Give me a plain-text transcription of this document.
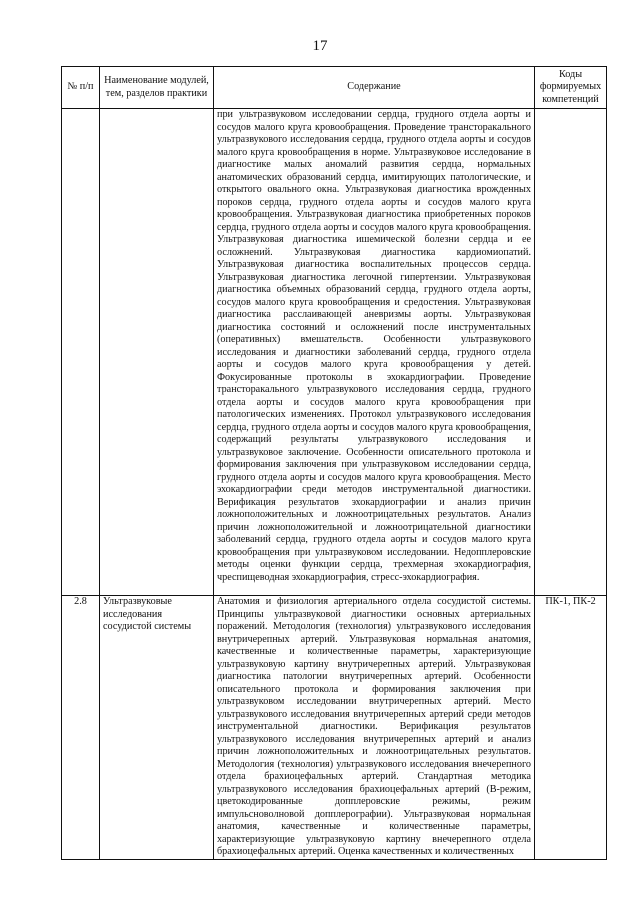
17
№ п/п	Наименование модулей, тем, разделов практики	Содержание	Коды формируемых компетенций
		при ультразвуковом исследовании сердца, грудного отдела аорты и сосудов малого круга кровообращения. Проведение трансторакального ультразвукового исследования сердца, грудного отдела аорты и сосудов малого круга кровообращения в норме. Ультразвуковое исследование в диагностике малых аномалий развития сердца, нормальных анатомических образований сердца, имитирующих патологические, и открытого овального окна. Ультразвуковая диагностика врожденных пороков сердца, грудного отдела аорты и сосудов малого круга кровообращения. Ультразвуковая диагностика приобретенных пороков сердца, грудного отдела аорты и сосудов малого круга кровообращения. Ультразвуковая диагностика ишемической болезни сердца и ее осложнений. Ультразвуковая диагностика кардиомиопатий. Ультразвуковая диагностика воспалительных процессов сердца. Ультразвуковая диагностика легочной гипертензии. Ультразвуковая диагностика объемных образований сердца, грудного отдела аорты, сосудов малого круга кровообращения и средостения. Ультразвуковая диагностика расслаивающей аневризмы аорты. Ультразвуковая диагностика состояний и осложнений после инструментальных (оперативных) вмешательств. Особенности ультразвукового исследования и диагностики заболеваний сердца, грудного отдела аорты и сосудов малого круга кровообращения у детей. Фокусированные протоколы в эхокардиографии. Проведение трансторакального ультразвукового исследования сердца, грудного отдела аорты и сосудов малого круга кровообращения при патологических изменениях. Протокол ультразвукового исследования сердца, грудного отдела аорты и сосудов малого круга кровообращения, содержащий результаты ультразвукового исследования и ультразвуковое заключение. Особенности описательного протокола и формирования заключения при ультразвуковом исследовании сердца, грудного отдела аорты и сосудов малого круга кровообращения. Место эхокардиографии среди методов инструментальной диагностики. Верификация результатов эхокардиографии и анализ причин ложноположительных и ложноотрицательных результатов. Анализ причин ложноположительной и ложноотрицательной диагностики заболеваний сердца, грудного отдела аорты и сосудов малого круга кровообращения при ультразвуковом исследовании. Недопплеровские методы оценки функции сердца, трехмерная эхокардиография, чреспищеводная эхокардиография, стресс-эхокардиография.	
2.8	Ультразвуковые исследования сосудистой системы	Анатомия и физиология артериального отдела сосудистой системы. Принципы ультразвуковой диагностики основных артериальных поражений. Методология (технология) ультразвукового исследования внутричерепных артерий. Ультразвуковая нормальная анатомия, качественные и количественные параметры, характеризующие ультразвуковую картину внутричерепных артерий. Ультразвуковая диагностика патологии внутричерепных артерий. Особенности описательного протокола и формирования заключения при ультразвуковом исследовании внутричерепных артерий. Место ультразвукового исследования внутричерепных артерий среди методов инструментальной диагностики. Верификация результатов ультразвукового исследования внутричерепных артерий и анализ причин ложноположительных и ложноотрицательных результатов. Методология (технология) ультразвукового исследования внечерепного отдела брахиоцефальных артерий. Стандартная методика ультразвукового исследования брахиоцефальных артерий (В-режим, цветокодированные допплеровские режимы, режим импульсноволновой допплерографии). Ультразвуковая нормальная анатомия, качественные и количественные параметры, характеризующие ультразвуковую картину внечерепного отдела брахиоцефальных артерий. Оценка качественных и количественных	ПК-1, ПК-2
